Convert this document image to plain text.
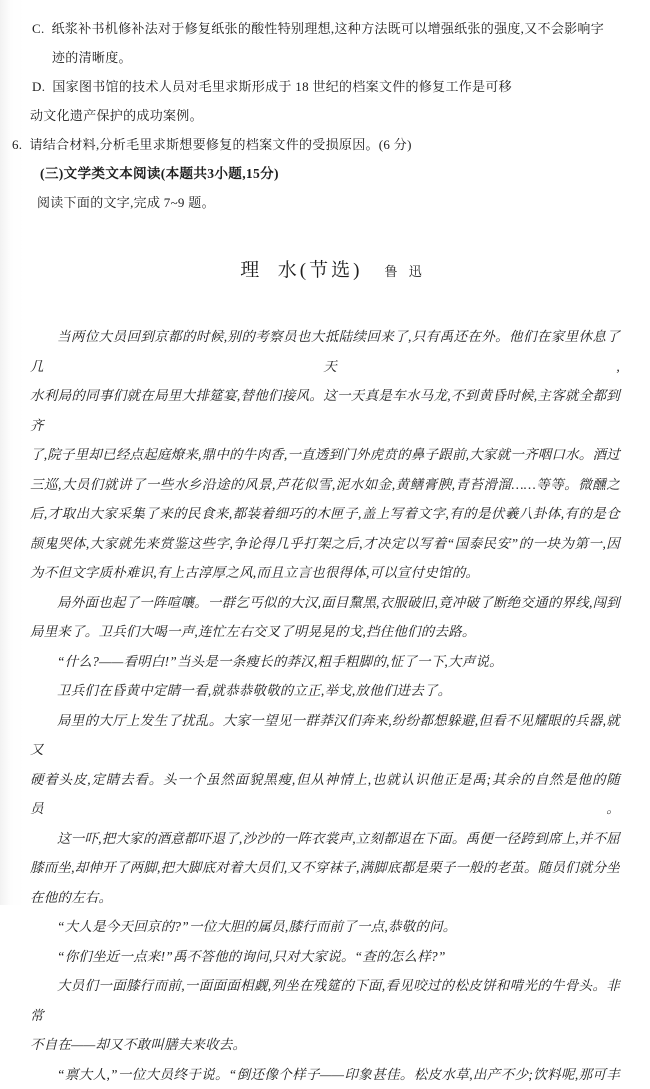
C.  纸浆补书机修补法对于修复纸张的酸性特别理想,这种方法既可以增强纸张的强度,又不会影响字
迹的清晰度。
D.  国家图书馆的技术人员对毛里求斯形成于 18 世纪的档案文件的修复工作是可移
动文化遗产保护的成功案例。
6.  请结合材料,分析毛里求斯想要修复的档案文件的受损原因。(6 分)
(三)文学类文本阅读(本题共3小题,15分)
阅读下面的文字,完成 7~9 题。

理  水(节选) 鲁 迅

当两位大员回到京都的时候,别的考察员也大抵陆续回来了,只有禹还在外。他们在家里休息了几天,
水利局的同事们就在局里大排筵宴,替他们接风。这一天真是车水马龙,不到黄昏时候,主客就全都到齐
了,院子里却已经点起庭燎来,鼎中的牛肉香,一直透到门外虎贲的鼻子跟前,大家就一齐咽口水。酒过
三巡,大员们就讲了一些水乡沿途的风景,芦花似雪,泥水如金,黄鳝膏腴,青苔滑溜……等等。微醺之
后,才取出大家采集了来的民食来,都装着细巧的木匣子,盖上写着文字,有的是伏羲八卦体,有的是仓
颉鬼哭体,大家就先来赏鉴这些字,争论得几乎打架之后,才决定以写着“国泰民安”的一块为第一,因
为不但文字质朴难识,有上古淳厚之风,而且立言也很得体,可以宣付史馆的。
局外面也起了一阵喧嚷。一群乞丐似的大汉,面目黧黑,衣服破旧,竟冲破了断绝交通的界线,闯到
局里来了。卫兵们大喝一声,连忙左右交叉了明晃晃的戈,挡住他们的去路。
“什么?——看明白!”当头是一条瘦长的莽汉,粗手粗脚的,怔了一下,大声说。
卫兵们在昏黄中定睛一看,就恭恭敬敬的立正,举戈,放他们进去了。
局里的大厅上发生了扰乱。大家一望见一群莽汉们奔来,纷纷都想躲避,但看不见耀眼的兵器,就又
硬着头皮,定睛去看。头一个虽然面貌黑瘦,但从神情上,也就认识他正是禹;其余的自然是他的随员。
这一吓,把大家的酒意都吓退了,沙沙的一阵衣裳声,立刻都退在下面。禹便一径跨到席上,并不屈
膝而坐,却伸开了两脚,把大脚底对着大员们,又不穿袜子,满脚底都是栗子一般的老茧。随员们就分坐
在他的左右。
“大人是今天回京的?”一位大胆的属员,膝行而前了一点,恭敬的问。
“你们坐近一点来!”禹不答他的询问,只对大家说。“查的怎么样?”
大员们一面膝行而前,一面面面相觑,列坐在残筵的下面,看见咬过的松皮饼和啃光的牛骨头。非常
不自在——却又不敢叫膳夫来收去。
“禀大人,”一位大员终于说。“倒还像个样子——印象甚佳。松皮水草,出产不少;饮料呢,那可丰
